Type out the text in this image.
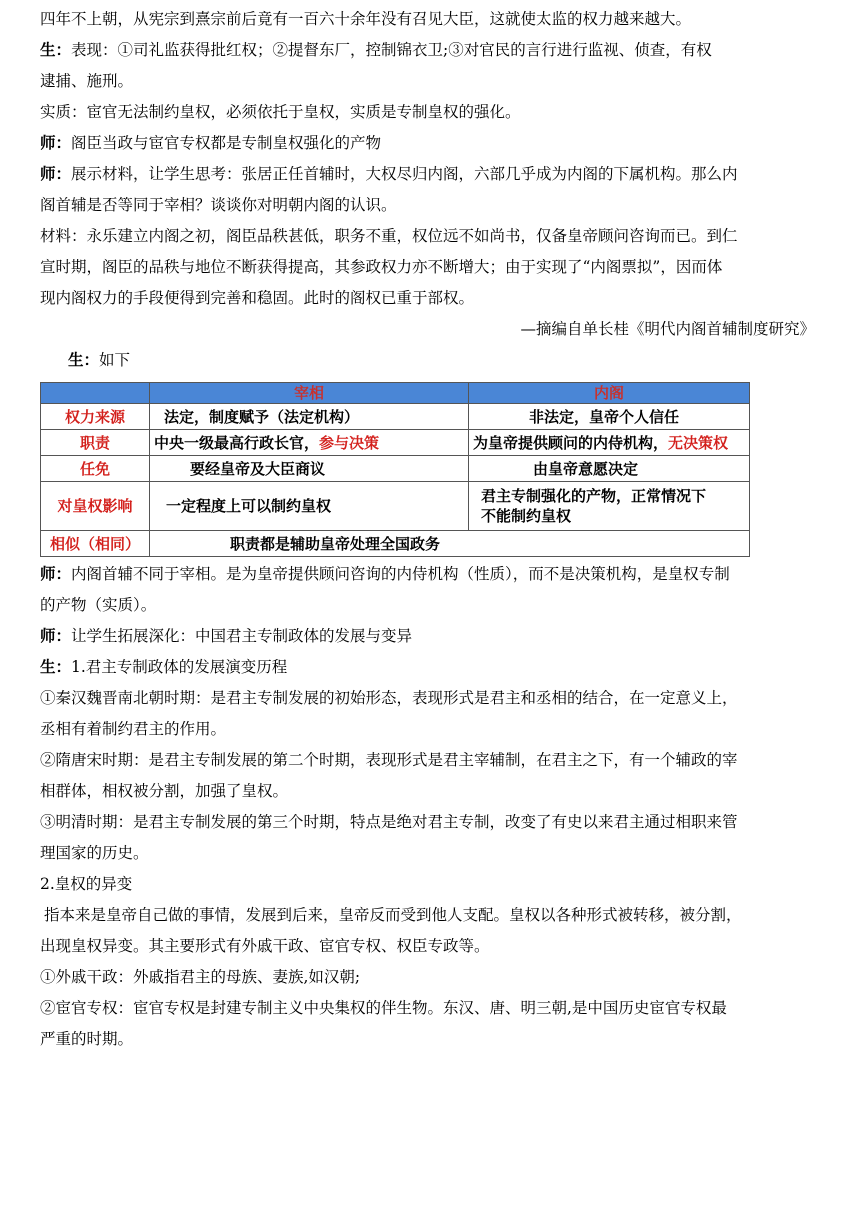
四年不上朝，从宪宗到熹宗前后竟有一百六十余年没有召见大臣，这就使太监的权力越来越大。

生：表现：①司礼监获得批红权；②提督东厂，控制锦衣卫;③对官民的言行进行监视、侦查，有权

逮捕、施刑。

实质：宦官无法制约皇权，必须依托于皇权，实质是专制皇权的强化。

师：阁臣当政与宦官专权都是专制皇权强化的产物

师：展示材料，让学生思考：张居正任首辅时，大权尽归内阁，六部几乎成为内阁的下属机构。那么内

阁首辅是否等同于宰相？谈谈你对明朝内阁的认识。

材料：永乐建立内阁之初，阁臣品秩甚低，职务不重，权位远不如尚书，仅备皇帝顾问咨询而已。到仁

宣时期，阁臣的品秩与地位不断获得提高，其参政权力亦不断增大；由于实现了“内阁票拟”，因而体

现内阁权力的手段便得到完善和稳固。此时的阁权已重于部权。

—摘编自单长桂《明代内阁首辅制度研究》

生：如下

	宰相	内阁
权力来源	法定，制度赋予（法定机构）	非法定，皇帝个人信任
职责	中央一级最高行政长官，参与决策	为皇帝提供顾问的内侍机构，无决策权
任免	要经皇帝及大臣商议	由皇帝意愿决定
对皇权影响	一定程度上可以制约皇权	君主专制强化的产物，正常情况下
不能制约皇权
相似（相同）	职责都是辅助皇帝处理全国政务	

师：内阁首辅不同于宰相。是为皇帝提供顾问咨询的内侍机构（性质），而不是决策机构，是皇权专制

的产物（实质）。

师：让学生拓展深化：中国君主专制政体的发展与变异

生：1.君主专制政体的发展演变历程

①秦汉魏晋南北朝时期：是君主专制发展的初始形态，表现形式是君主和丞相的结合，在一定意义上，

丞相有着制约君主的作用。

②隋唐宋时期：是君主专制发展的第二个时期，表现形式是君主宰辅制，在君主之下，有一个辅政的宰

相群体，相权被分割，加强了皇权。

③明清时期：是君主专制发展的第三个时期，特点是绝对君主专制，改变了有史以来君主通过相职来管

理国家的历史。

2.皇权的异变

指本来是皇帝自己做的事情，发展到后来，皇帝反而受到他人支配。皇权以各种形式被转移，被分割，

出现皇权异变。其主要形式有外戚干政、宦官专权、权臣专政等。

①外戚干政：外戚指君主的母族、妻族,如汉朝;

②宦官专权：宦官专权是封建专制主义中央集权的伴生物。东汉、唐、明三朝,是中国历史宦官专权最

严重的时期。
